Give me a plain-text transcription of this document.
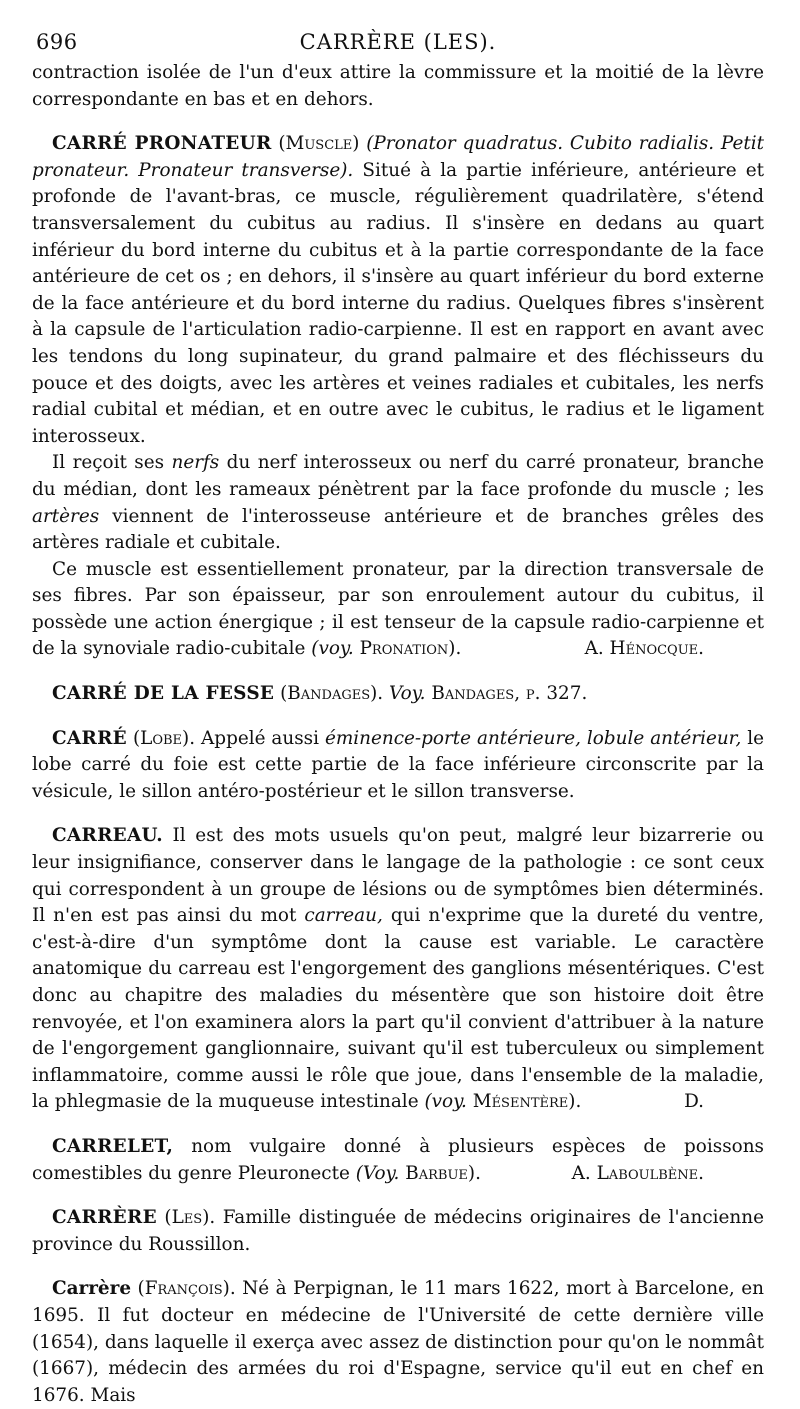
696	CARRÈRE (LES).

contraction isolée de l'un d'eux attire la commissure et la moitié de la lèvre correspondante en bas et en dehors.

CARRÉ PRONATEUR (Muscle) (Pronator quadratus. Cubito radialis. Petit pronateur. Pronateur transverse). Situé à la partie inférieure, antérieure et profonde de l'avant-bras, ce muscle, régulièrement quadrilatère, s'étend transversalement du cubitus au radius. Il s'insère en dedans au quart inférieur du bord interne du cubitus et à la partie correspondante de la face antérieure de cet os ; en dehors, il s'insère au quart inférieur du bord externe de la face antérieure et du bord interne du radius. Quelques fibres s'insèrent à la capsule de l'articulation radio-carpienne. Il est en rapport en avant avec les tendons du long supinateur, du grand palmaire et des fléchisseurs du pouce et des doigts, avec les artères et veines radiales et cubitales, les nerfs radial cubital et médian, et en outre avec le cubitus, le radius et le ligament interosseux.

Il reçoit ses nerfs du nerf interosseux ou nerf du carré pronateur, branche du médian, dont les rameaux pénètrent par la face profonde du muscle ; les artères viennent de l'interosseuse antérieure et de branches grêles des artères radiale et cubitale.

Ce muscle est essentiellement pronateur, par la direction transversale de ses fibres. Par son épaisseur, par son enroulement autour du cubitus, il possède une action énergique ; il est tenseur de la capsule radio-carpienne et de la synoviale radio-cubitale (voy. Pronation).	A. Hénocque.

CARRÉ DE LA FESSE (Bandages). Voy. Bandages, p. 327.

CARRÉ (Lobe). Appelé aussi éminence-porte antérieure, lobule antérieur, le lobe carré du foie est cette partie de la face inférieure circonscrite par la vésicule, le sillon antéro-postérieur et le sillon transverse.

CARREAU. Il est des mots usuels qu'on peut, malgré leur bizarrerie ou leur insignifiance, conserver dans le langage de la pathologie : ce sont ceux qui correspondent à un groupe de lésions ou de symptômes bien déterminés. Il n'en est pas ainsi du mot carreau, qui n'exprime que la dureté du ventre, c'est-à-dire d'un symptôme dont la cause est variable. Le caractère anatomique du carreau est l'engorgement des ganglions mésentériques. C'est donc au chapitre des maladies du mésentère que son histoire doit être renvoyée, et l'on examinera alors la part qu'il convient d'attribuer à la nature de l'engorgement ganglionnaire, suivant qu'il est tuberculeux ou simplement inflammatoire, comme aussi le rôle que joue, dans l'ensemble de la maladie, la phlegmasie de la muqueuse intestinale (voy. Mésentère).	D.

CARRELET, nom vulgaire donné à plusieurs espèces de poissons comestibles du genre Pleuronecte (Voy. Barbue).	A. Laboulbène.

CARRÈRE (Les). Famille distinguée de médecins originaires de l'ancienne province du Roussillon.

Carrère (François). Né à Perpignan, le 11 mars 1622, mort à Barcelone, en 1695. Il fut docteur en médecine de l'Université de cette dernière ville (1654), dans laquelle il exerça avec assez de distinction pour qu'on le nommât (1667), médecin des armées du roi d'Espagne, service qu'il eut en chef en 1676. Mais
